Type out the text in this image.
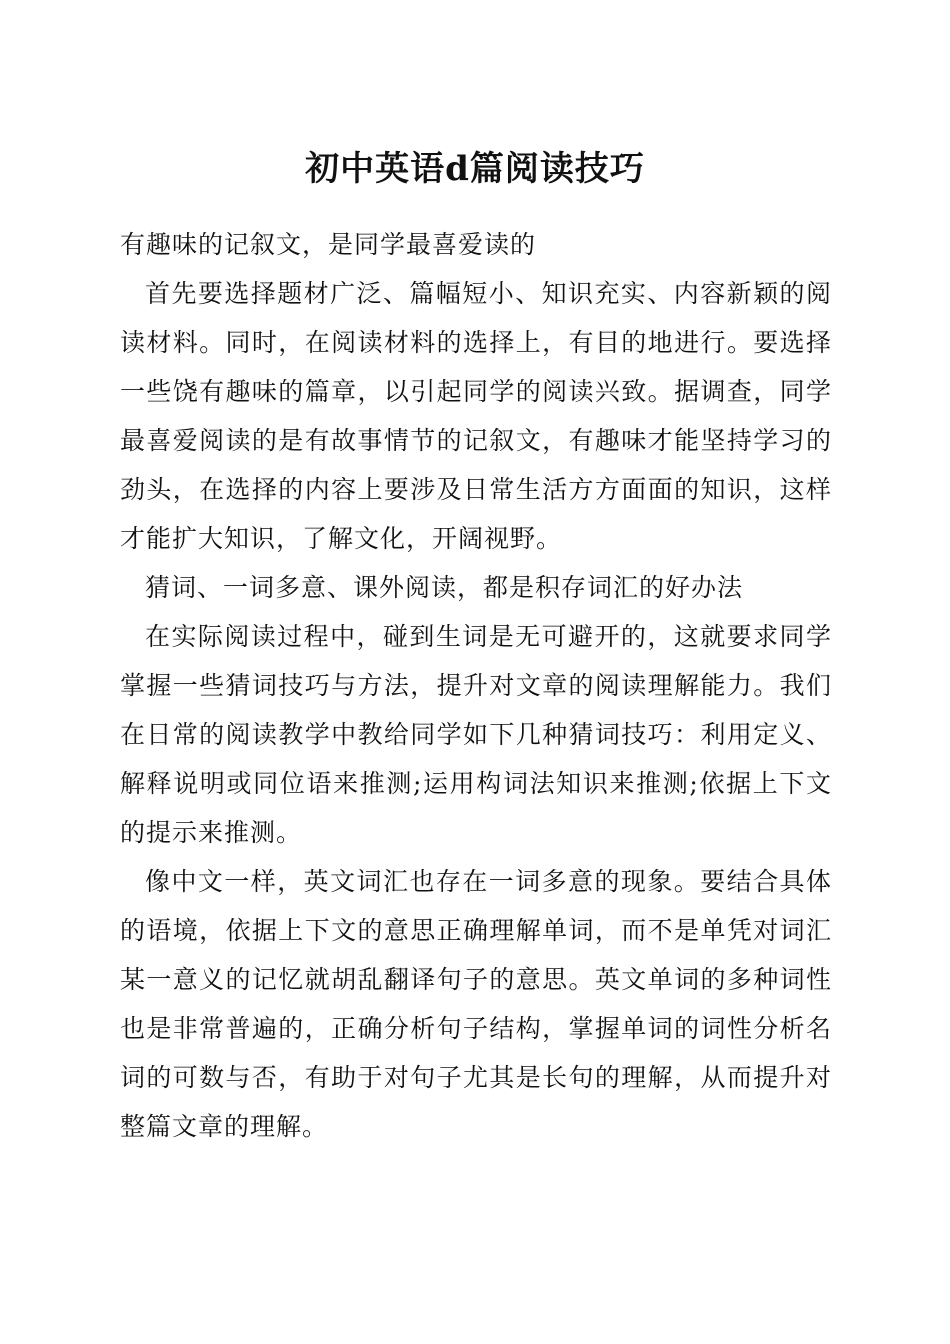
初中英语d篇阅读技巧

有趣味的记叙文，是同学最喜爱读的

首先要选择题材广泛、篇幅短小、知识充实、内容新颖的阅读材料。同时，在阅读材料的选择上，有目的地进行。要选择一些饶有趣味的篇章，以引起同学的阅读兴致。据调查，同学最喜爱阅读的是有故事情节的记叙文，有趣味才能坚持学习的劲头，在选择的内容上要涉及日常生活方方面面的知识，这样才能扩大知识，了解文化，开阔视野。

猜词、一词多意、课外阅读，都是积存词汇的好办法

在实际阅读过程中，碰到生词是无可避开的，这就要求同学掌握一些猜词技巧与方法，提升对文章的阅读理解能力。我们在日常的阅读教学中教给同学如下几种猜词技巧：利用定义、解释说明或同位语来推测;运用构词法知识来推测;依据上下文的提示来推测。

像中文一样，英文词汇也存在一词多意的现象。要结合具体的语境，依据上下文的意思正确理解单词，而不是单凭对词汇某一意义的记忆就胡乱翻译句子的意思。英文单词的多种词性也是非常普遍的，正确分析句子结构，掌握单词的词性分析名词的可数与否，有助于对句子尤其是长句的理解，从而提升对整篇文章的理解。
